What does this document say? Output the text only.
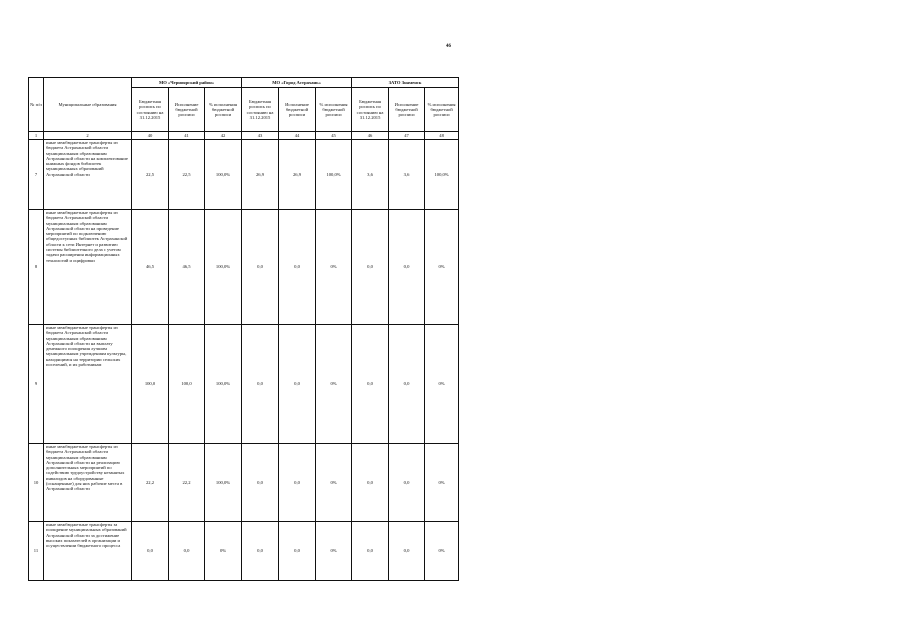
46
№ п/п	Муниципальные образования	МО «Черноярский район»			МО «Город Астрахань»			ЗАТО Знаменск		
		Бюджетная роспись по состоянию на 31.12.2015	Исполнение бюджетной росписи	% исполнения бюджетной росписи	Бюджетная роспись по состоянию на 31.12.2015	Исполнение бюджетной росписи	% исполнения бюджетной росписи	Бюджетная роспись по состоянию на 31.12.2015	Исполнение бюджетной росписи	% исполнения бюджетной росписи
1	2	40	41	42	43	44	45	46	47	48
7	иные межбюджетные трансферты из бюджета Астраханской области муниципальным образованиям Астраханской области на комплектование книжных фондов библиотек муниципальных образований Астраханской области	22,5	22,5	100,0%	26,9	26,9	100,0%	3,6	3,6	100,0%
8	иные межбюджетные трансферты из бюджета Астраханской области муниципальным образованиям Астраханской области на проведение мероприятий по подключению общедоступных библиотек Астраханской области к сети Интернет и развитию системы библиотечного дела с учетом задачи расширения информационных технологий и оцифровки	46,5	46,5	100,0%	0,0	0,0	0%	0,0	0,0	0%
9	иные межбюджетные трансферты из бюджета Астраханской области муниципальным образованиям Астраханской области на выплату денежного поощрения лучшим муниципальным учреждениям культуры, находящимся на территории сельских поселений, и их работникам	100,0	100,0	100,0%	0,0	0,0	0%	0,0	0,0	0%
10	иные межбюджетные трансферты из бюджета Астраханской области муниципальным образованиям Астраханской области на реализацию дополнительных мероприятий по содействию трудоустройству незанятых инвалидов на оборудованные (оснащенные) для них рабочие места в Астраханской области	22,2	22,2	100,0%	0,0	0,0	0%	0,0	0,0	0%
11	иные межбюджетные трансферты за поощрение муниципальных образований Астраханской области за достижение высоких показателей в организации и осуществлении бюджетного процесса	0,0	0,0	0%	0,0	0,0	0%	0,0	0,0	0%
